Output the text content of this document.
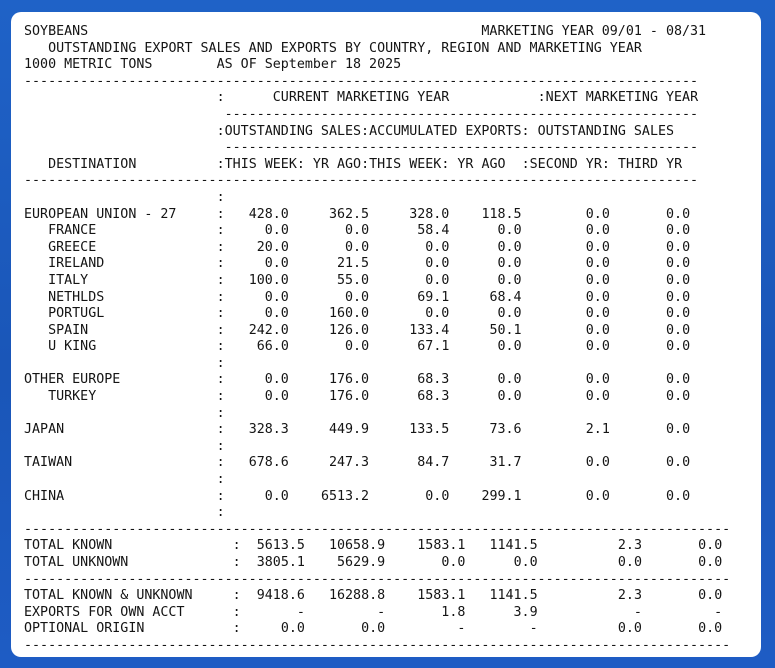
SOYBEANS	MARKETING YEAR 09/01 - 08/31
OUTSTANDING EXPORT SALES AND EXPORTS BY COUNTRY, REGION AND MARKETING YEAR
1000 METRIC TONS	AS OF September 18 2025
------------------------------------------------------------------------------------
:	CURRENT MARKETING YEAR	:NEXT MARKETING YEAR
-----------------------------------------------------------
:OUTSTANDING SALES:ACCUMULATED EXPORTS: OUTSTANDING SALES
-----------------------------------------------------------
DESTINATION	:THIS WEEK: YR AGO:THIS WEEK: YR AGO :SECOND YR: THIRD YR
------------------------------------------------------------------------------------
:
EUROPEAN UNION - 27	: 428.0	362.5	328.0 118.5	0.0	0.0
FRANCE	:	0.0	0.0	58.4	0.0	0.0	0.0
GREECE	: 20.0	0.0	0.0	0.0	0.0	0.0
IRELAND	:	0.0	21.5	0.0	0.0	0.0	0.0
ITALY	: 100.0	55.0	0.0	0.0	0.0	0.0
NETHLDS	:	0.0	0.0	69.1	68.4	0.0	0.0
PORTUGL	:	0.0	160.0	0.0	0.0	0.0	0.0
SPAIN	: 242.0	126.0	133.4	50.1	0.0	0.0
U KING	: 66.0	0.0	67.1	0.0	0.0	0.0
:
OTHER EUROPE	:	0.0	176.0	68.3	0.0	0.0	0.0
TURKEY	:	0.0	176.0	68.3	0.0	0.0	0.0
:
JAPAN	: 328.3	449.9	133.5	73.6	2.1	0.0
:
TAIWAN	: 678.6	247.3	84.7	31.7	0.0	0.0
:
CHINA	:	0.0 6513.2	0.0 299.1	0.0	0.0
:
----------------------------------------------------------------------------------------
TOTAL KNOWN	: 5613.5 10658.9 1583.1 1141.5	2.3	0.0
TOTAL UNKNOWN	: 3805.1 5629.9	0.0	0.0	0.0	0.0
----------------------------------------------------------------------------------------
TOTAL KNOWN & UNKNOWN	: 9418.6 16288.8 1583.1 1141.5	2.3	0.0
EXPORTS FOR OWN ACCT	:	-	-	1.8	3.9	-	-
OPTIONAL ORIGIN	:	0.0	0.0	-	-	0.0	0.0
----------------------------------------------------------------------------------------
